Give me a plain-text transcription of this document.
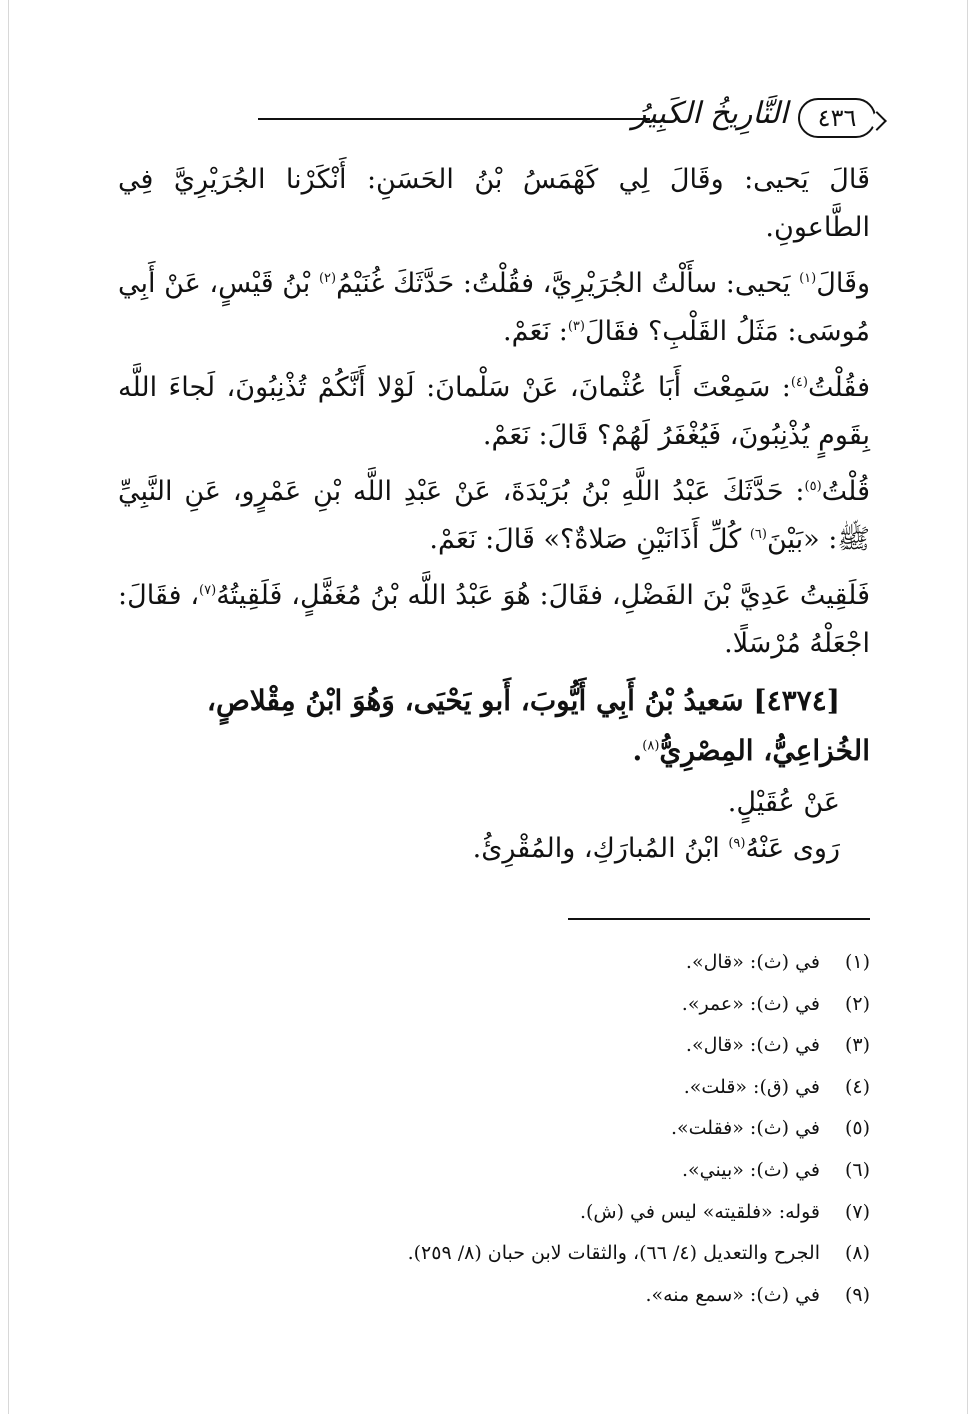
٤٣٦
التَّارِيخُ الكَبِيرُ

قَالَ يَحيى: وقَالَ لِي كَهْمَسُ بْنُ الحَسَنِ: أَنْكَرْنا الجُرَيْرِيَّ فِي الطَّاعونِ.

وقَالَ$^{(١)}$ يَحيى: سأَلْتُ الجُرَيْرِيَّ، فقُلْتُ: حَدَّثَكَ غُنَيْمُ$^{(٢)}$ بْنُ قَيْسٍ، عَنْ أَبِي مُوسَى: مَثَلُ القَلْبِ؟ فقَالَ$^{(٣)}$: نَعَمْ.

فقُلْتُ$^{(٤)}$: سَمِعْتَ أَبَا عُثْمانَ، عَنْ سَلْمانَ: لَوْلا أَنَّكُمْ تُذْنِبُونَ، لَجاءَ اللَّه بِقَومٍ يُذْنِبُونَ، فَيُغْفَرُ لَهُمْ؟ قَالَ: نَعَمْ.

قُلْتُ$^{(٥)}$: حَدَّثَكَ عَبْدُ اللَّهِ بْنُ بُرَيْدَةَ، عَنْ عَبْدِ اللَّه بْنِ عَمْرٍو، عَنِ النَّبِيِّ ﷺ: «بَيْنَ$^{(٦)}$ كُلِّ أَذَانَيْنِ صَلاةٌ؟» قَالَ: نَعَمْ.

فَلَقِيتُ عَدِيَّ بْنَ الفَضْلِ، فقَالَ: هُوَ عَبْدُ اللَّه بْنُ مُغَفَّلٍ، فَلَقِيتُهُ$^{(٧)}$، فقَالَ: اجْعَلْهُ مُرْسَلًا.

[٤٣٧٤] سَعيدُ بْنُ أَبِي أَيُّوبَ، أَبو يَحْيَى، وَهُوَ ابْنُ مِقْلاصٍ، الخُزاعِيُّ، المِصْرِيُّ$^{(٨)}$.

عَنْ عُقَيْلٍ.

رَوى عَنْهُ$^{(٩)}$ ابْنُ المُبارَكِ، والمُقْرِئُ.

(١)في (ث): «قال».
(٢)في (ث): «عمر».
(٣)في (ث): «قال».
(٤)في (ق): «قلت».
(٥)في (ث): «فقلت».
(٦)في (ث): «بيني».
(٧)قوله: «فلقيته» ليس في (ش).
(٨)الجرح والتعديل (٤/ ٦٦)، والثقات لابن حبان (٨/ ٢٥٩).
(٩)في (ث): «سمع منه».
